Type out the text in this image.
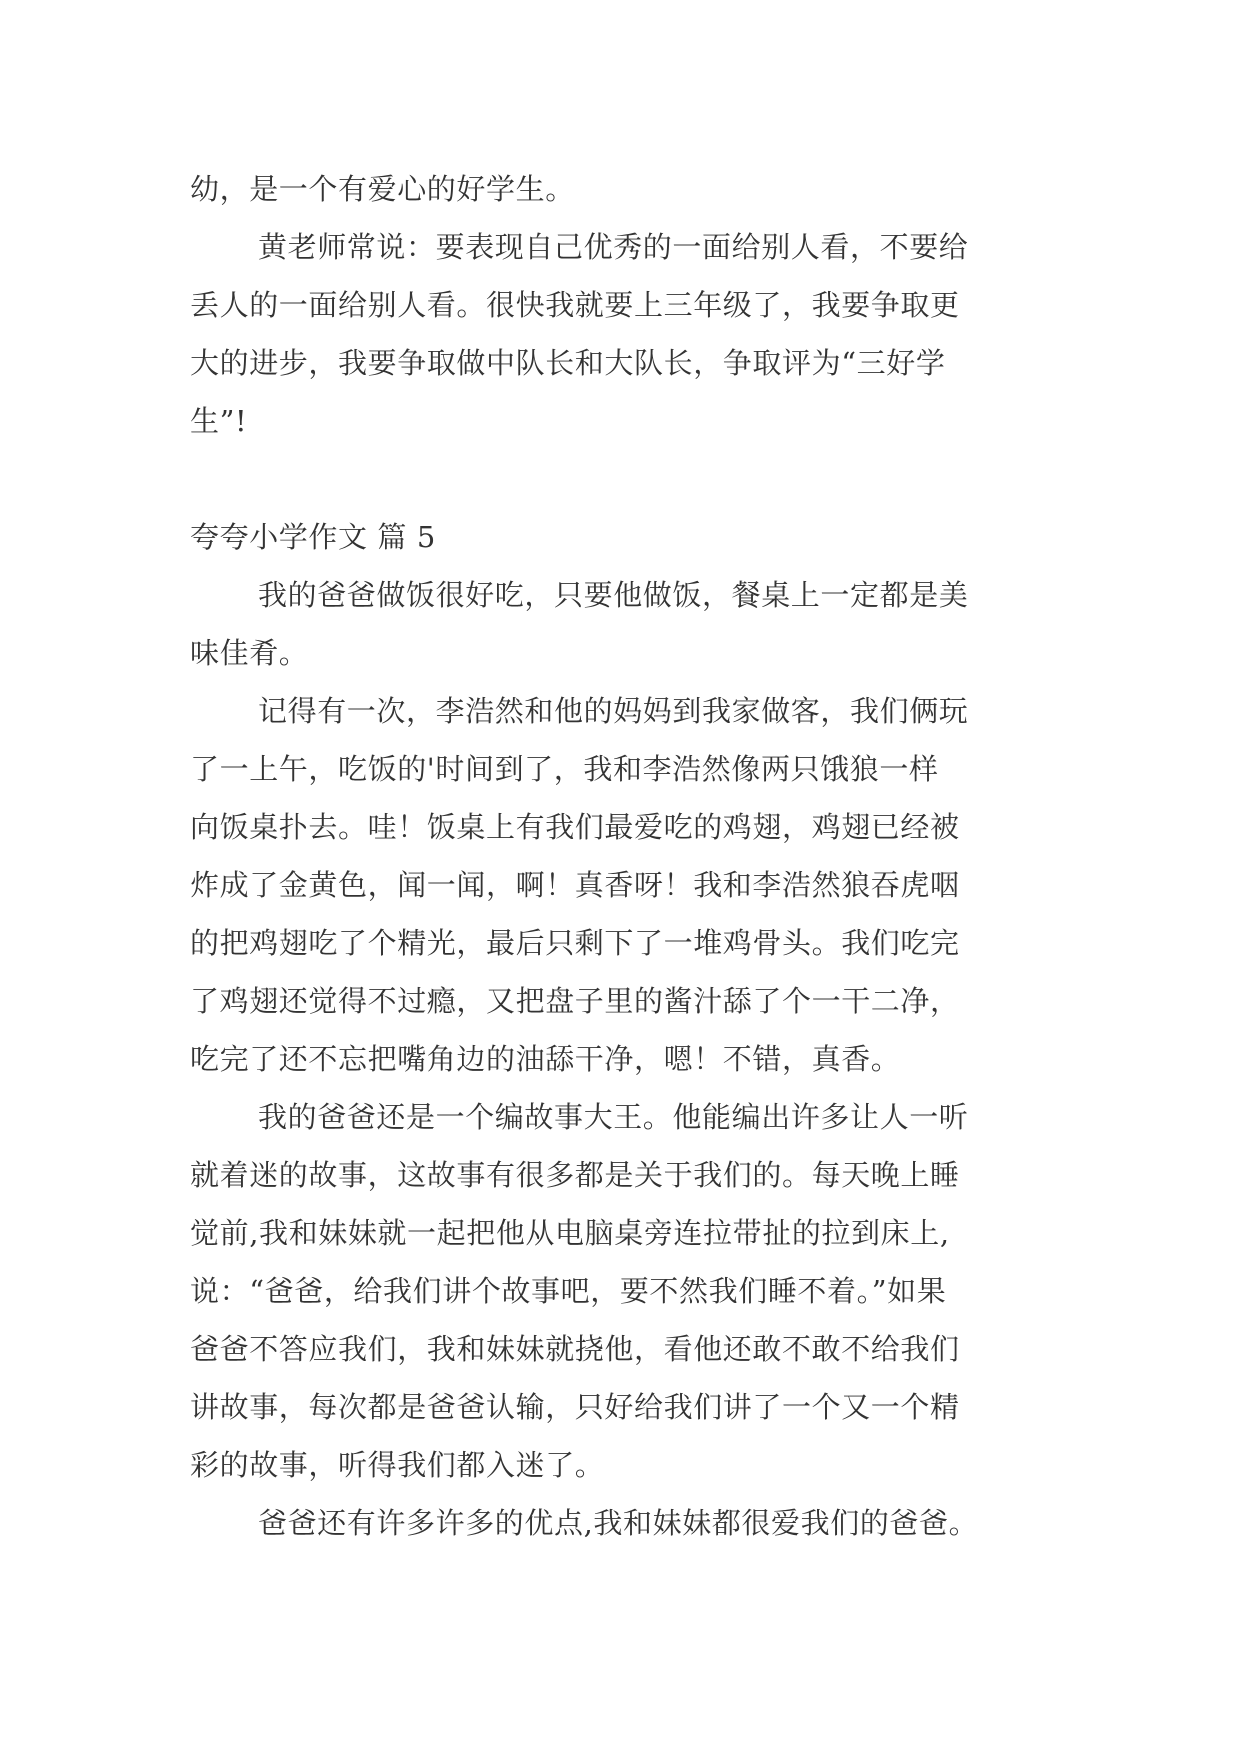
幼，是一个有爱心的好学生。
黄老师常说：要表现自己优秀的一面给别人看，不要给
丢人的一面给别人看。很快我就要上三年级了，我要争取更
大的进步，我要争取做中队长和大队长，争取评为“三好学
生”!
夸夸小学作文 篇 5
我的爸爸做饭很好吃，只要他做饭，餐桌上一定都是美
味佳肴。
记得有一次，李浩然和他的妈妈到我家做客，我们俩玩
了一上午，吃饭的'时间到了，我和李浩然像两只饿狼一样
向饭桌扑去。哇！饭桌上有我们最爱吃的鸡翅，鸡翅已经被
炸成了金黄色，闻一闻，啊！真香呀！我和李浩然狼吞虎咽
的把鸡翅吃了个精光，最后只剩下了一堆鸡骨头。我们吃完
了鸡翅还觉得不过瘾，又把盘子里的酱汁舔了个一干二净，
吃完了还不忘把嘴角边的油舔干净，嗯！不错，真香。
我的爸爸还是一个编故事大王。他能编出许多让人一听
就着迷的故事，这故事有很多都是关于我们的。每天晚上睡
觉前,我和妹妹就一起把他从电脑桌旁连拉带扯的拉到床上,
说：“爸爸，给我们讲个故事吧，要不然我们睡不着。”如果
爸爸不答应我们，我和妹妹就挠他，看他还敢不敢不给我们
讲故事，每次都是爸爸认输，只好给我们讲了一个又一个精
彩的故事，听得我们都入迷了。
爸爸还有许多许多的优点,我和妹妹都很爱我们的爸爸。
